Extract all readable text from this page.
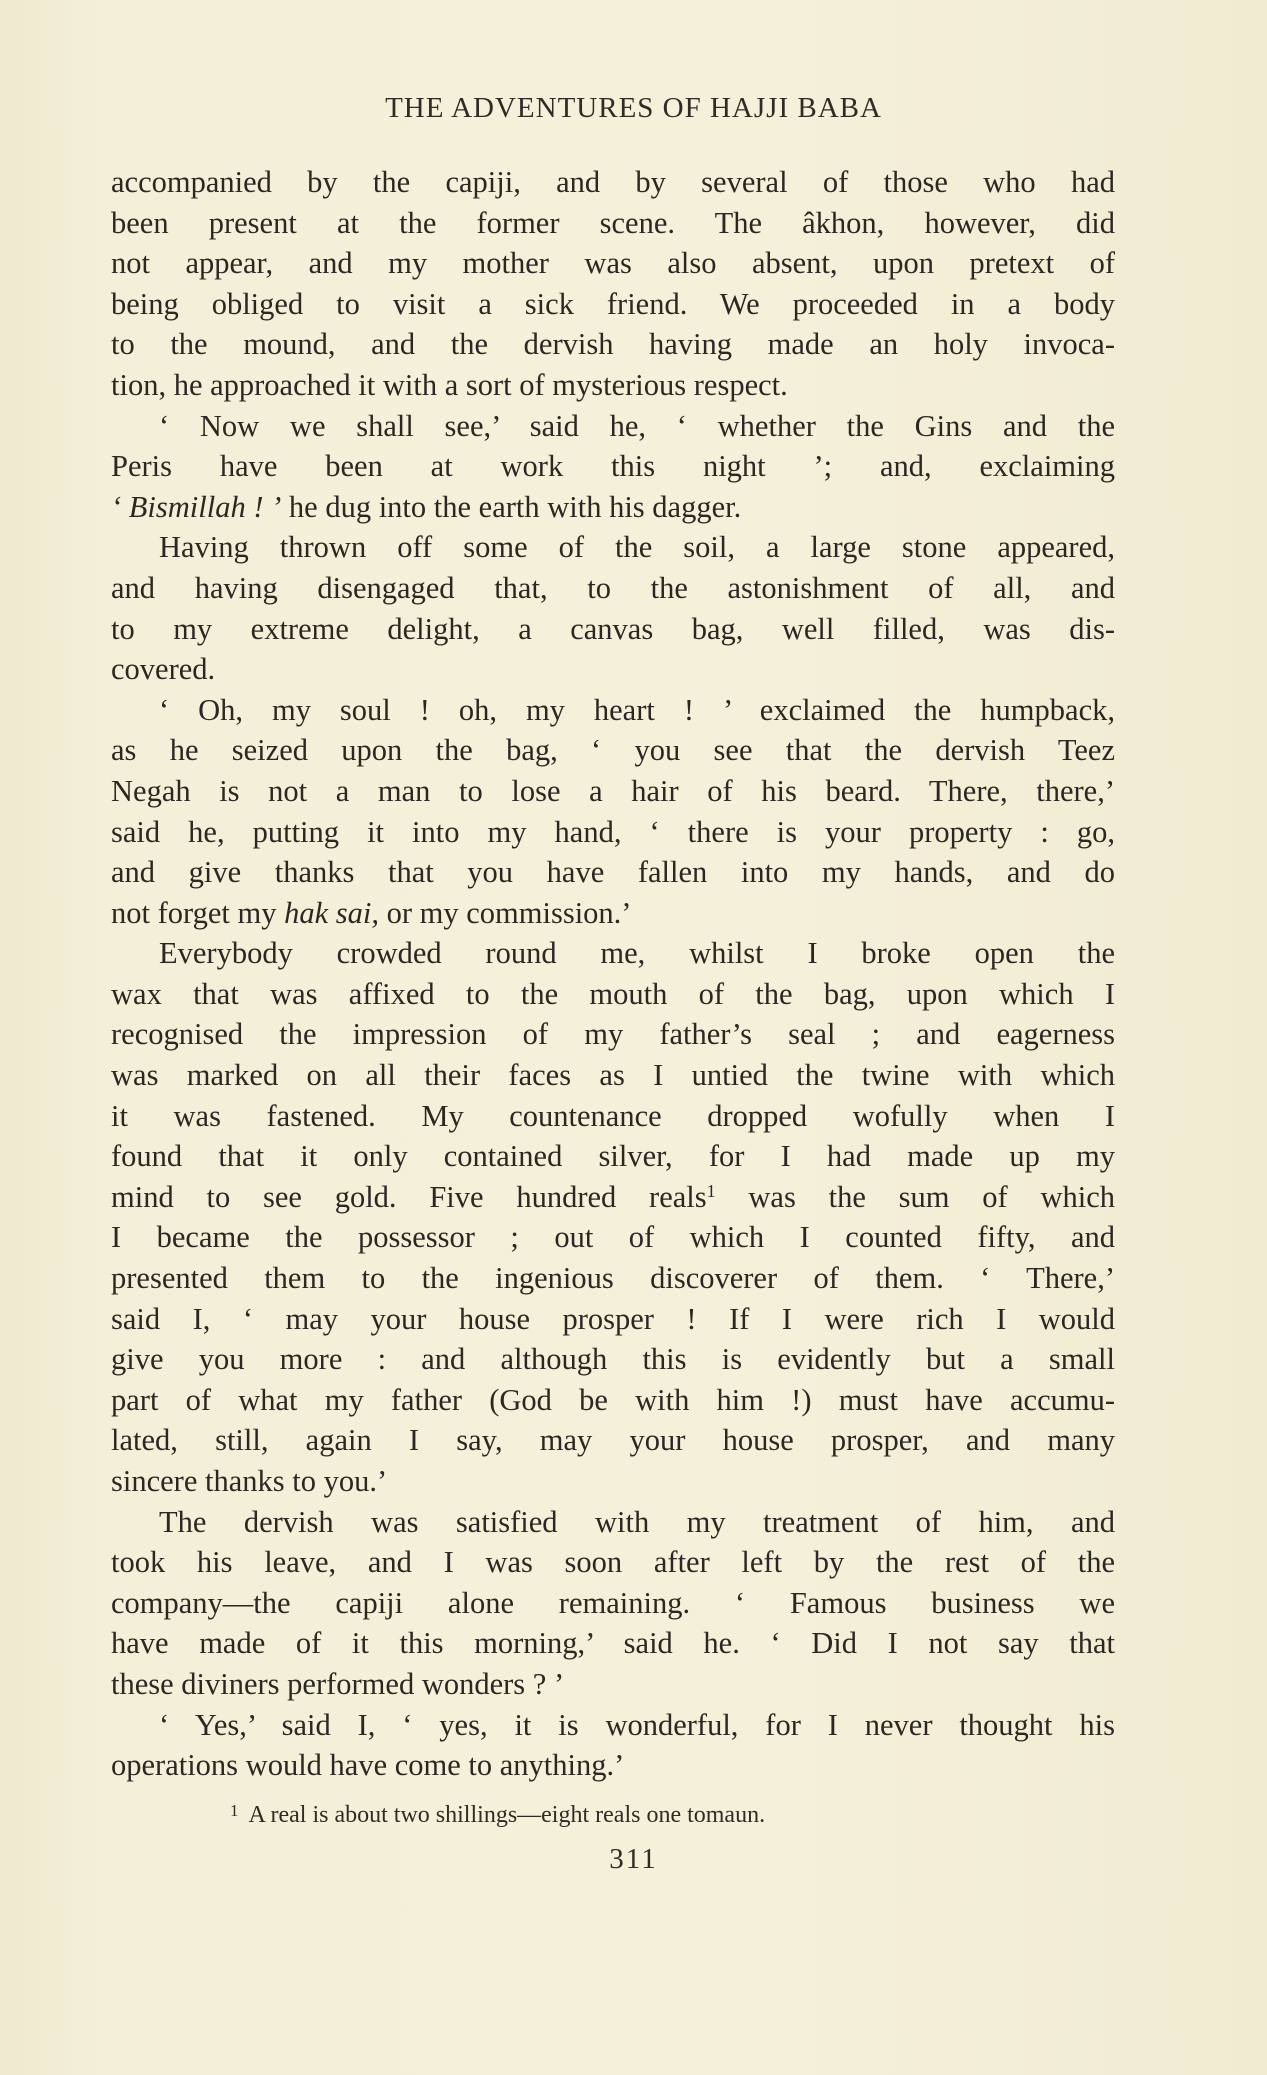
THE ADVENTURES OF HAJJI BABA
accompanied by the capiji, and by several of those who had
been present at the former scene. The âkhon, however, did
not appear, and my mother was also absent, upon pretext of
being obliged to visit a sick friend. We proceeded in a body
to the mound, and the dervish having made an holy invoca-
tion, he approached it with a sort of mysterious respect.
‘ Now we shall see,’ said he, ‘ whether the Gins and the
Peris have been at work this night ’; and, exclaiming
‘ Bismillah ! ’ he dug into the earth with his dagger.
Having thrown off some of the soil, a large stone appeared,
and having disengaged that, to the astonishment of all, and
to my extreme delight, a canvas bag, well filled, was dis-
covered.
‘ Oh, my soul ! oh, my heart ! ’ exclaimed the humpback,
as he seized upon the bag, ‘ you see that the dervish Teez
Negah is not a man to lose a hair of his beard. There, there,’
said he, putting it into my hand, ‘ there is your property : go,
and give thanks that you have fallen into my hands, and do
not forget my hak sai, or my commission.’
Everybody crowded round me, whilst I broke open the
wax that was affixed to the mouth of the bag, upon which I
recognised the impression of my father’s seal ; and eagerness
was marked on all their faces as I untied the twine with which
it was fastened. My countenance dropped wofully when I
found that it only contained silver, for I had made up my
mind to see gold. Five hundred reals$^1$ was the sum of which
I became the possessor ; out of which I counted fifty, and
presented them to the ingenious discoverer of them. ‘ There,’
said I, ‘ may your house prosper ! If I were rich I would
give you more : and although this is evidently but a small
part of what my father (God be with him !) must have accumu-
lated, still, again I say, may your house prosper, and many
sincere thanks to you.’
The dervish was satisfied with my treatment of him, and
took his leave, and I was soon after left by the rest of the
company—the capiji alone remaining. ‘ Famous business we
have made of it this morning,’ said he. ‘ Did I not say that
these diviners performed wonders ? ’
‘ Yes,’ said I, ‘ yes, it is wonderful, for I never thought his
operations would have come to anything.’
$^1$ A real is about two shillings—eight reals one tomaun.
311
